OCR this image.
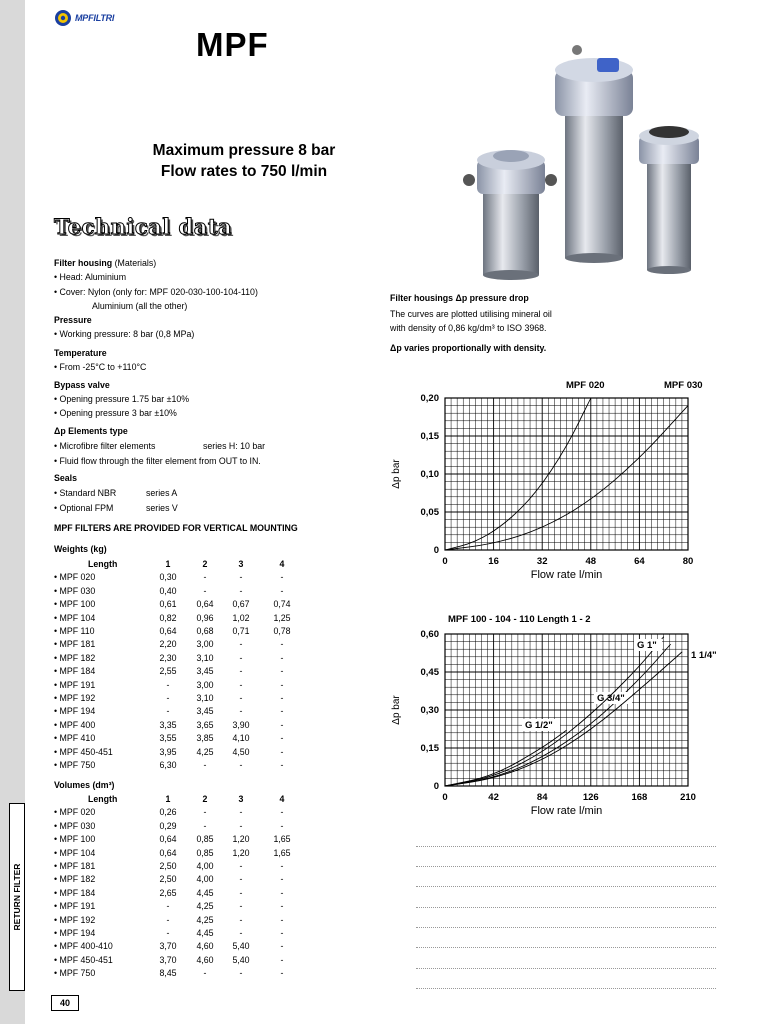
RETURN FILTER
MPFILTRI
MPF
Maximum pressure 8 bar
Flow rates to 750 l/min
Technical data
Filter housing (Materials)
• Head: Aluminium
• Cover: Nylon (only for: MPF 020-030-100-104-110)
Aluminium (all the other)
Pressure
• Working pressure: 8 bar (0,8 MPa)
Temperature
• From -25°C to +110°C
Bypass valve
• Opening pressure 1.75 bar ±10%
• Opening pressure 3 bar ±10%
Δp Elements type
• Microfibre filter elements	series H: 10 bar
• Fluid flow through the filter element from OUT to IN.
Seals
• Standard NBR	series A
• Optional FPM	series V
MPF FILTERS ARE PROVIDED FOR VERTICAL MOUNTING
Weights (kg)
Length	1	2	3	4
• MPF 020	0,30	-	-	-
• MPF 030	0,40	-	-	-
• MPF 100	0,61	0,64	0,67	0,74
• MPF 104	0,82	0,96	1,02	1,25
• MPF 110	0,64	0,68	0,71	0,78
• MPF 181	2,20	3,00	-	-
• MPF 182	2,30	3,10	-	-
• MPF 184	2,55	3,45	-	-
• MPF 191	-	3,00	-	-
• MPF 192	-	3,10	-	-
• MPF 194	-	3,45	-	-
• MPF 400	3,35	3,65	3,90	-
• MPF 410	3,55	3,85	4,10	-
• MPF 450-451	3,95	4,25	4,50	-
• MPF 750	6,30	-	-	-
Volumes (dm³)
Length	1	2	3	4
• MPF 020	0,26	-	-	-
• MPF 030	0,29	-	-	-
• MPF 100	0,64	0,85	1,20	1,65
• MPF 104	0,64	0,85	1,20	1,65
• MPF 181	2,50	4,00	-	-
• MPF 182	2,50	4,00	-	-
• MPF 184	2,65	4,45	-	-
• MPF 191	-	4,25	-	-
• MPF 192	-	4,25	-	-
• MPF 194	-	4,45	-	-
• MPF 400-410	3,70	4,60	5,40	-
• MPF 450-451	3,70	4,60	5,40	-
• MPF 750	8,45	-	-	-
Filter housings Δp pressure drop
The curves are plotted utilising mineral oil
with density of 0,86 kg/dm³ to ISO 3968.
Δp varies proportionally with density.
0	16	32	48	64	80
0
0,05
0,10
0,15
0,20
Flow rate l/min
Δp bar
MPF 020	MPF 030
0	42	84	126	168	210
0
0,15
0,30
0,45
0,60
Flow rate l/min
Δp bar
MPF 100 - 104 - 110 Length 1 - 2
G 1/2"
G 3/4"
G 1"
1 1/4"
40
